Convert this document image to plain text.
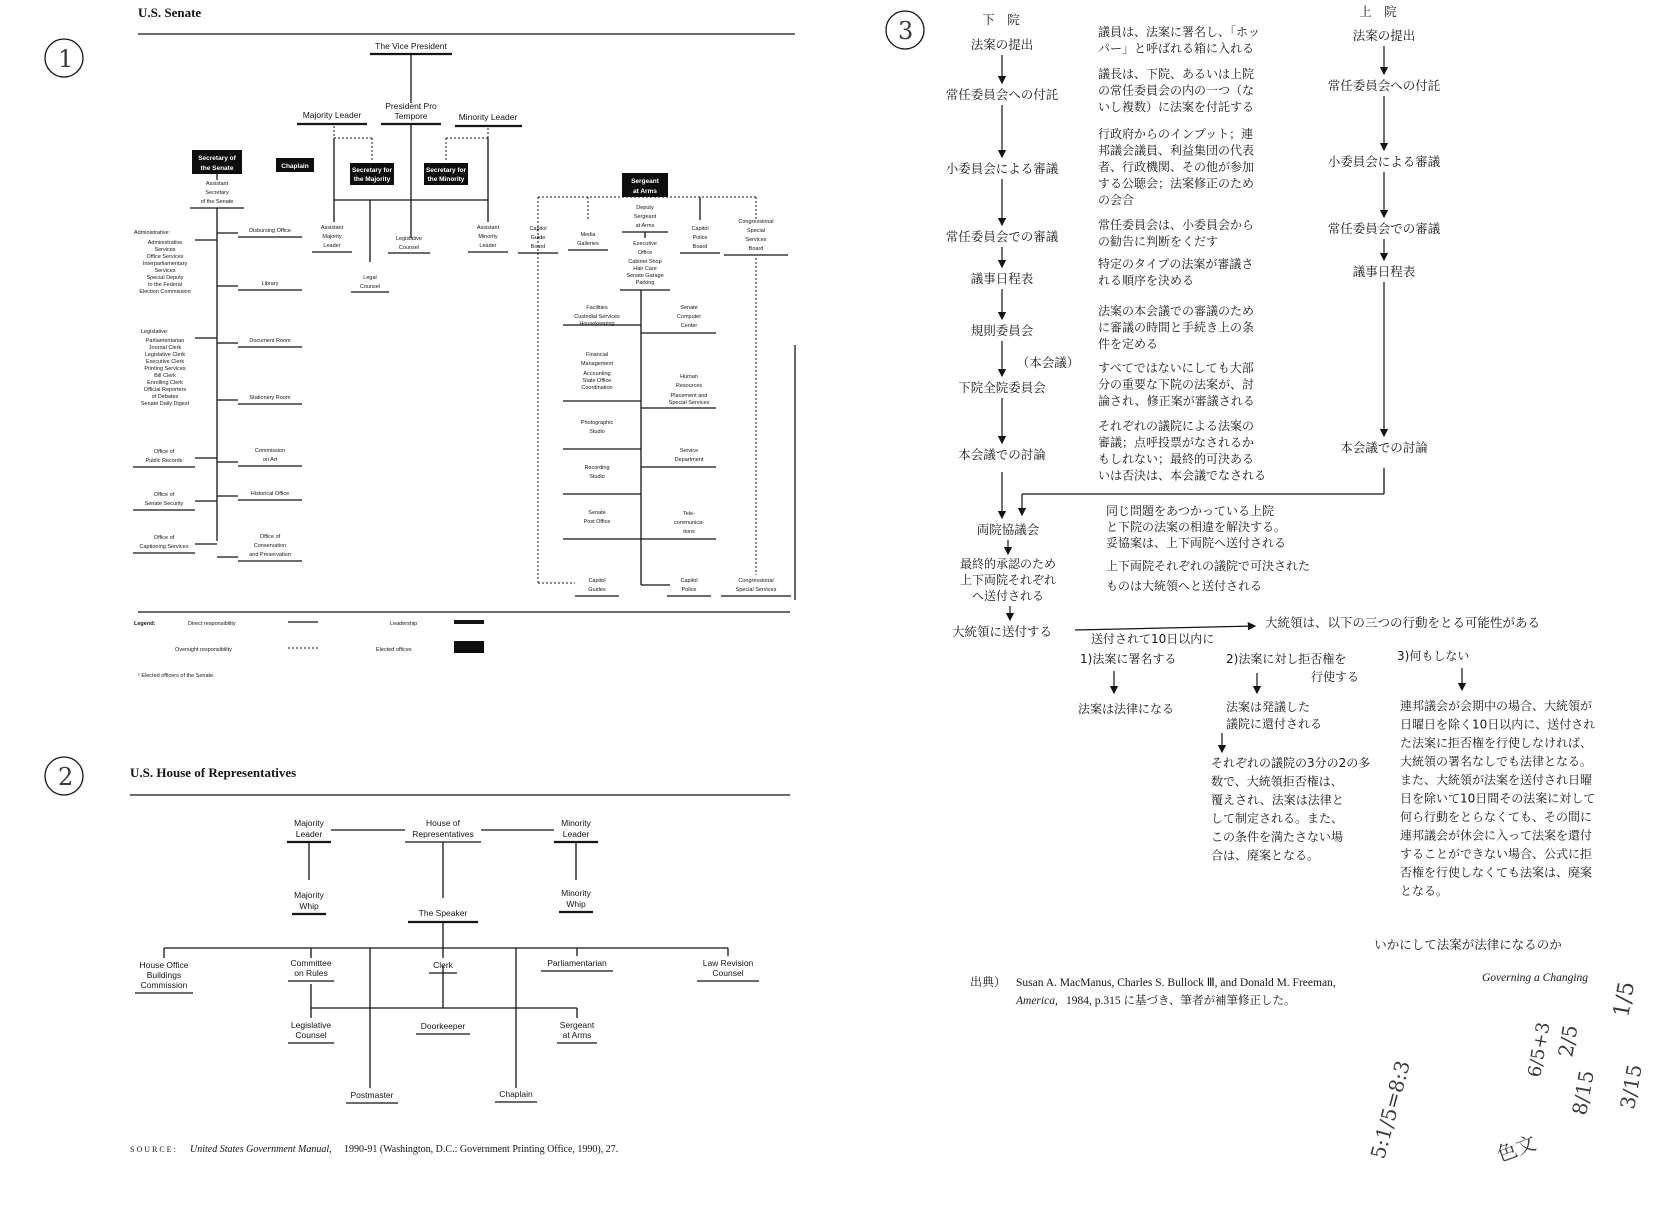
1
U.S. Senate
The Vice President
President Pro
Tempore
Majority Leader	Minority Leader
Secretary of
the Senate	Chaplain
Secretary for
the Majority
Secretary for
the Minority
Assistant
Majority
Leader
Legal
Counsel
Legislative
Counsel
Assistant
Minority
Leader
Assistant
Secretary
of the Senate
Administrative:
Administrative
Services
Office Services
Interparliamentary
Services
Special Deputy
to the Federal
Election Commission
Legislative:
Parliamentarian
Journal Clerk
Legislative Clerk
Executive Clerk
Printing Services
Bill Clerk
Enrolling Clerk
Official Reporters
of Debates
Senate Daily Digest
Office of
Public Records
Office of
Senate Security
Office of
Captioning Services
Disbursing Office
Library
Document Room
Stationery Room
Commission
on Art
Historical Office
Office of
Conservation
and Preservation
Sergeant
at Arms
Deputy
Sergeant
at Arms
Executive
Office
Cabinet Shop
Hair Care
Senate Garage
Parking
Capitol
Guide
Board
Media
Galleries
Capitol
Police
Board
Congressional
Special
Services
Board
Facilities
Financial
Management
Photographic
Studio
Recording
Studio
Senate
Post Office
Custodial Services
Housekeeping
Accounting
State Office
Coordination
Senate
Computer
Center
Human
Resources
Service
Department
Tele-
communica-
tions
Placement and
Special Services
Capitol
Guides
Capitol
Police
Congressional
Special Services
Legend:	Direct responsibility
Oversight responsibility
Leadership
Elected offices
¹ Elected officers of the Senate.
2	U.S. House of Representatives
Majority
Leader
House of
Representatives
Minority
Leader
Majority
Whip
Minority
Whip
The Speaker
House Office
Buildings
Commission
Committee
on Rules
Clerk	Parliamentarian	Law Revision
Counsel
Legislative
Counsel
Doorkeeper	Sergeant
at Arms
Postmaster	Chaplain
SOURCE: United States Government Manual, 1990-91 (Washington, D.C.: Government Printing Office, 1990), 27.
3	下　院
上　院
法案の提出
常任委員会への付託
小委員会による審議
常任委員会での審議
議事日程表
規則委員会
下院全院委員会
本会議での討論
法案の提出
常任委員会への付託
小委員会による審議
常任委員会での審議
議事日程表
本会議での討論
（本会議）
議員は、法案に署名し、「ホッ
パー」と呼ばれる箱に入れる
議長は、下院、あるいは上院
の常任委員会の内の一つ（な
いし複数）に法案を付託する
行政府からのインプット；連
邦議会議員、利益集団の代表
者、行政機関、その他が参加
する公聴会；法案修正のため
の会合
常任委員会は、小委員会から
の勧告に判断をくだす
特定のタイプの法案が審議さ
れる順序を決める
法案の本会議での審議のため
に審議の時間と手続き上の条
件を定める
すべてではないにしても大部
分の重要な下院の法案が、討
論され、修正案が審議される
それぞれの議院による法案の
審議；点呼投票がなされるか
もしれない；最終的可決ある
いは否決は、本会議でなされる
両院協議会
同じ問題をあつかっている上院
と下院の法案の相違を解決する。
妥協案は、上下両院へ送付される
最終的承認のため
上下両院それぞれ
へ送付される
上下両院それぞれの議院で可決された
ものは大統領へと送付される
大統領に送付する	送付されて10日以内に
大統領は、以下の三つの行動をとる可能性がある
1)法案に署名する
法案は法律になる
2)法案に対し拒否権を
行使する
法案は発議した
議院に還付される
それぞれの議院の3分の2の多
数で、大統領拒否権は、
覆えされ、法案は法律と
して制定される。また、
この条件を満たさない場
合は、廃案となる。
3)何もしない
連邦議会が会期中の場合、大統領が
日曜日を除く10日以内に、送付され
た法案に拒否権を行使しなければ、
大統領の署名なしでも法律となる。
また、大統領が法案を送付され日曜
日を除いて10日間その法案に対して
何ら行動をとらなくても、その間に
連邦議会が休会に入って法案を還付
することができない場合、公式に拒
否権を行使しなくても法案は、廃案
となる。
いかにして法案が法律になるのか
出典） Susan A. MacManus, Charles S. Bullock Ⅲ, and Donald M. Freeman,	Governing a Changing
America, 1984, p.315 に基づき、筆者が補筆修正した。	1/5
2/5
3/15
8/15
5:1/5=8:3
6/5+3
色文
